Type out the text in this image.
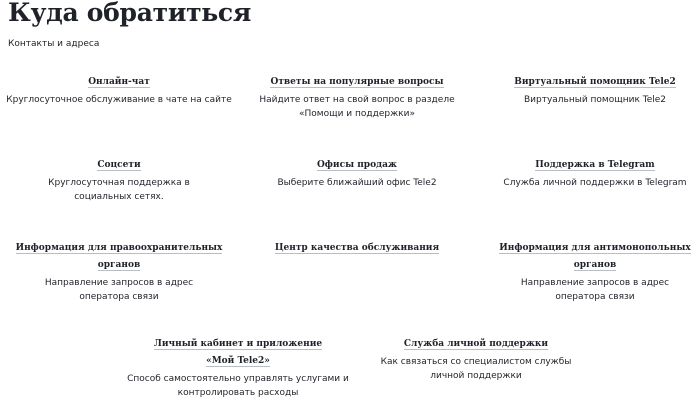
Куда обратиться
Контакты и адреса
Онлайн-чат
Круглосуточное обслуживание в чате на сайте
Ответы на популярные вопросы
Найдите ответ на свой вопрос в разделе «Помощи и поддержки»
Виртуальный помощник Tele2
Виртуальный помощник Tele2
Соцсети
Круглосуточная поддержка в социальных сетях.
Офисы продаж
Выберите ближайший офис Tele2
Поддержка в Telegram
Служба личной поддержки в Telegram
Информация для правоохранительных органов
Направление запросов в адрес оператора связи
Центр качества обслуживания	Информация для антимонопольных органов
Направление запросов в адрес оператора связи
Личный кабинет и приложение «Мой Tele2»
Способ самостоятельно управлять услугами и контролировать расходы
Служба личной поддержки
Как связаться со специалистом службы личной поддержки
